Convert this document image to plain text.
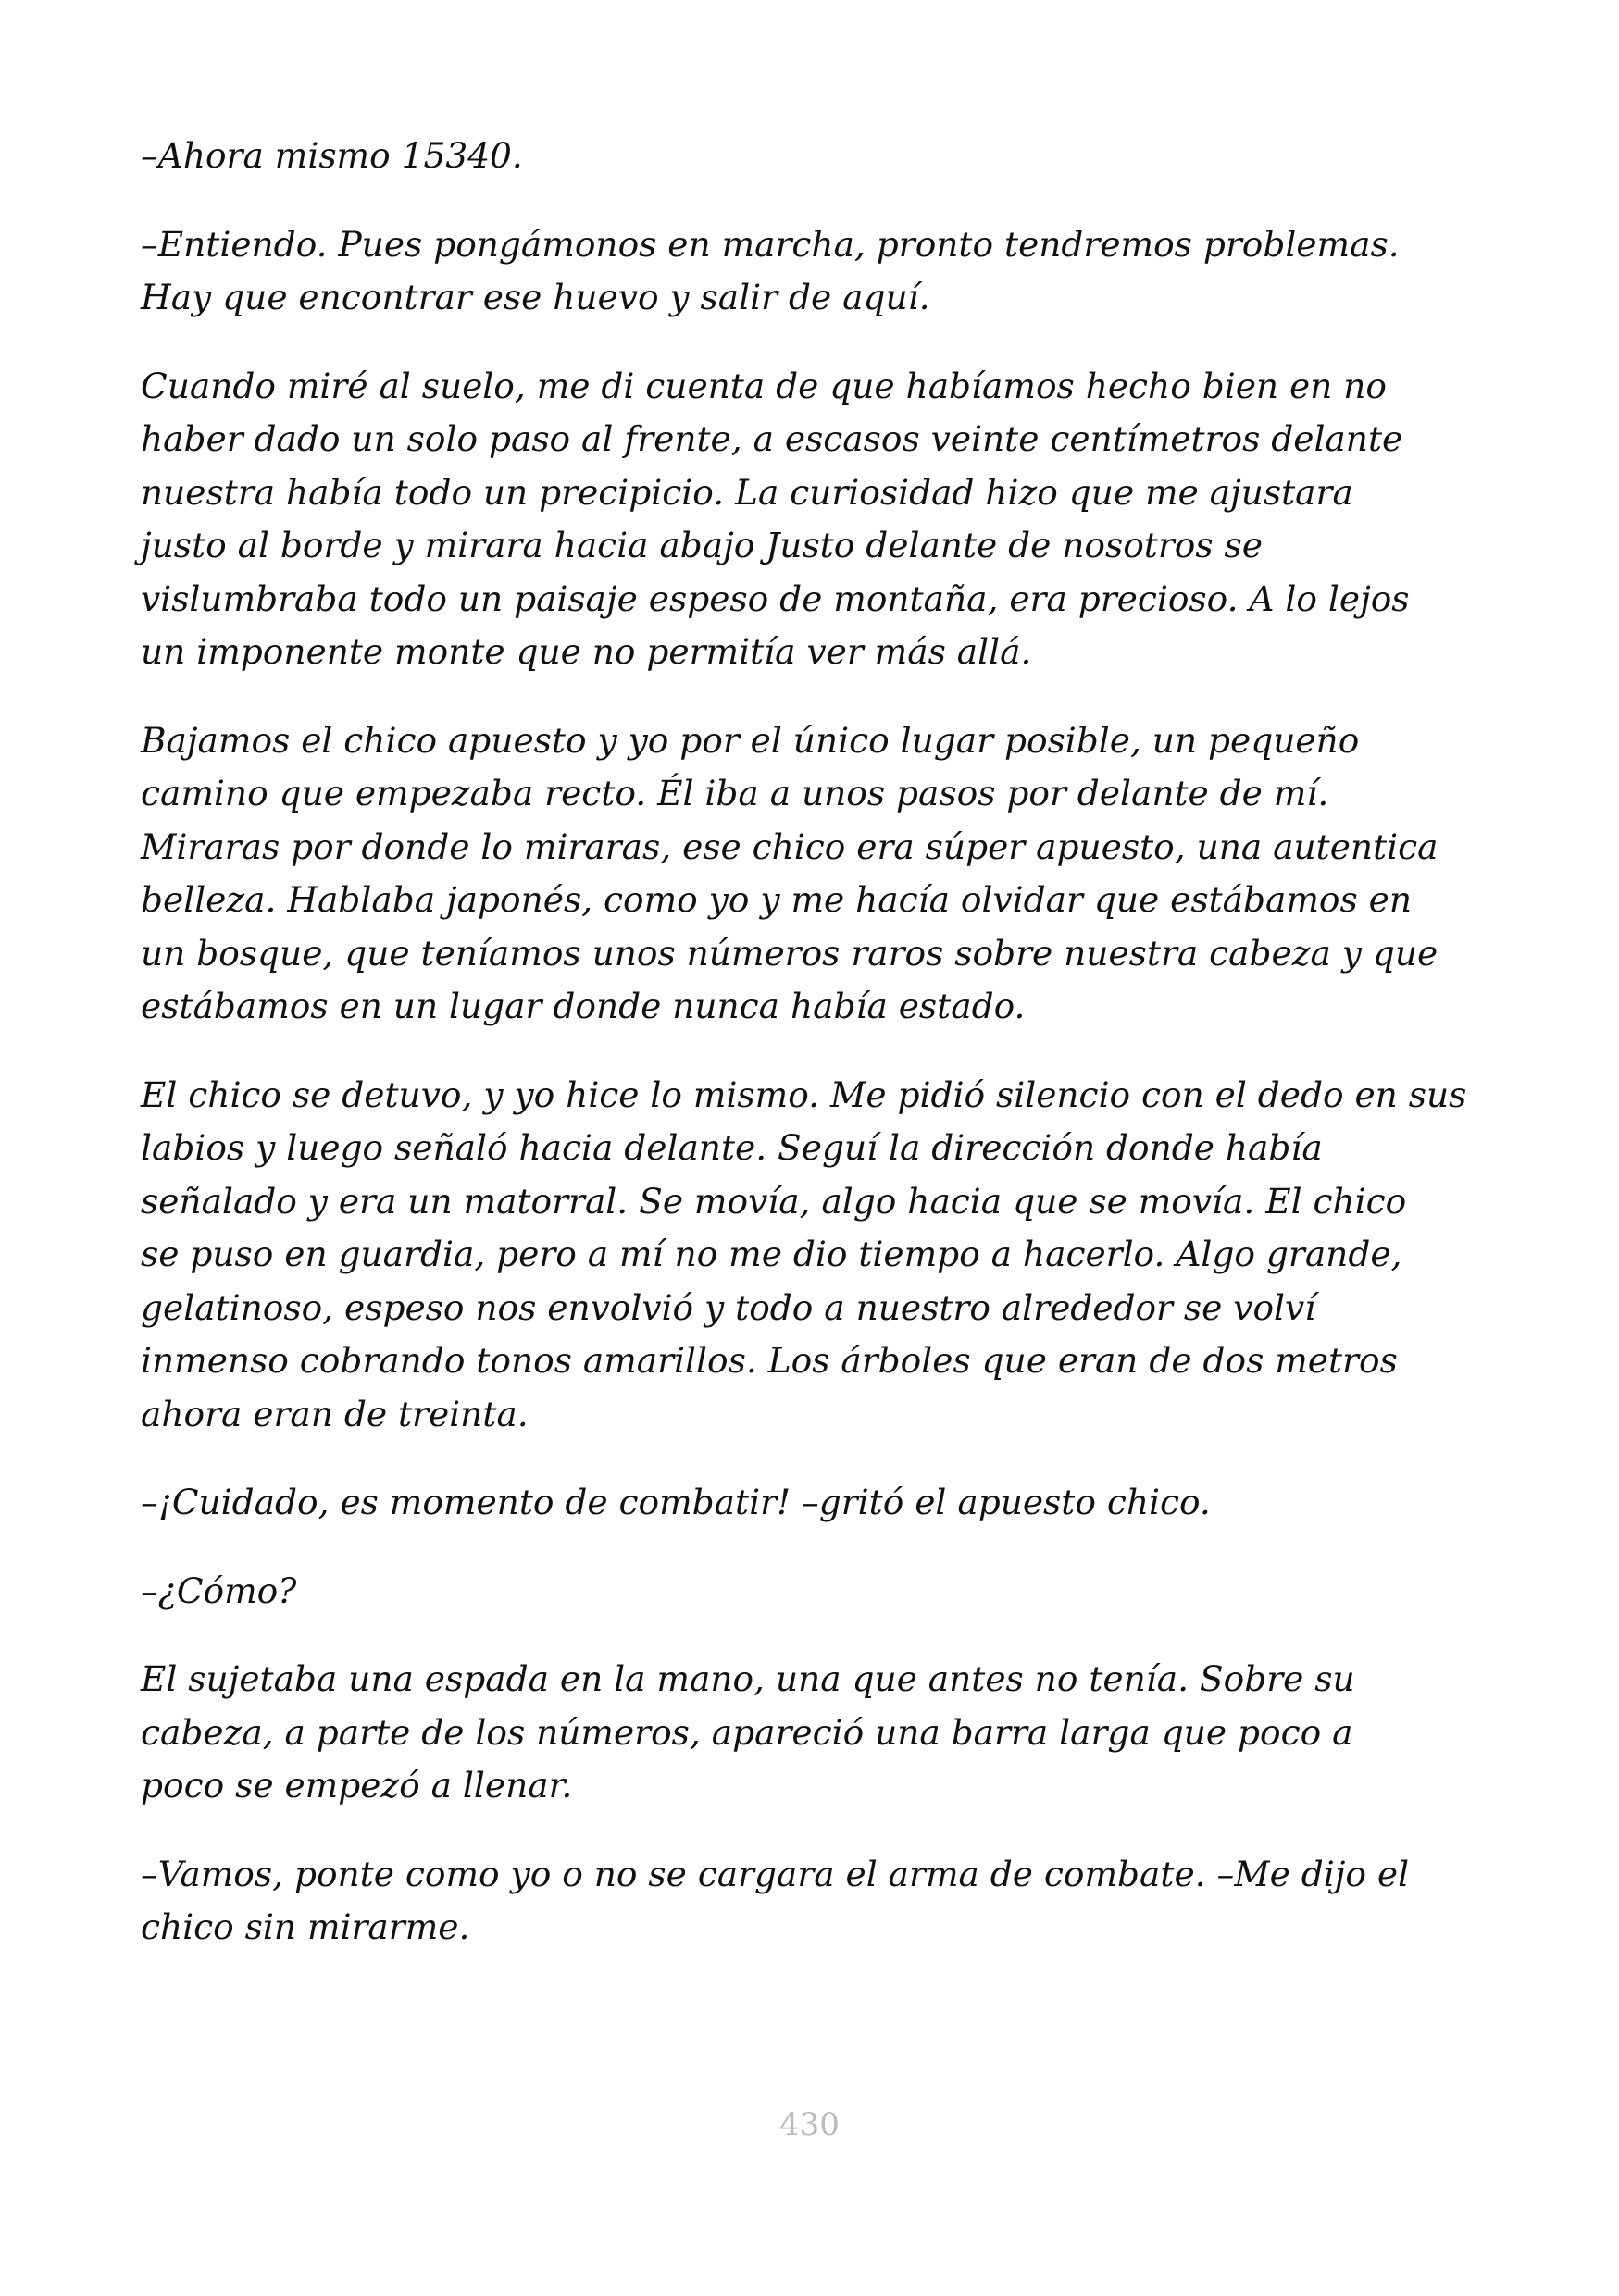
–Ahora mismo 15340.

–Entiendo. Pues pongámonos en marcha, pronto tendremos problemas.
Hay que encontrar ese huevo y salir de aquí.

Cuando miré al suelo, me di cuenta de que habíamos hecho bien en no
haber dado un solo paso al frente, a escasos veinte centímetros delante
nuestra había todo un precipicio. La curiosidad hizo que me ajustara
justo al borde y mirara hacia abajo Justo delante de nosotros se
vislumbraba todo un paisaje espeso de montaña, era precioso. A lo lejos
un imponente monte que no permitía ver más allá.

Bajamos el chico apuesto y yo por el único lugar posible, un pequeño
camino que empezaba recto. Él iba a unos pasos por delante de mí.
Miraras por donde lo miraras, ese chico era súper apuesto, una autentica
belleza. Hablaba japonés, como yo y me hacía olvidar que estábamos en
un bosque, que teníamos unos números raros sobre nuestra cabeza y que
estábamos en un lugar donde nunca había estado.

El chico se detuvo, y yo hice lo mismo. Me pidió silencio con el dedo en sus
labios y luego señaló hacia delante. Seguí la dirección donde había
señalado y era un matorral. Se movía, algo hacia que se movía. El chico
se puso en guardia, pero a mí no me dio tiempo a hacerlo. Algo grande,
gelatinoso, espeso nos envolvió y todo a nuestro alrededor se volví
inmenso cobrando tonos amarillos. Los árboles que eran de dos metros
ahora eran de treinta.

–¡Cuidado, es momento de combatir! –gritó el apuesto chico.

–¿Cómo?

El sujetaba una espada en la mano, una que antes no tenía. Sobre su
cabeza, a parte de los números, apareció una barra larga que poco a
poco se empezó a llenar.

–Vamos, ponte como yo o no se cargara el arma de combate. –Me dijo el
chico sin mirarme.

430
